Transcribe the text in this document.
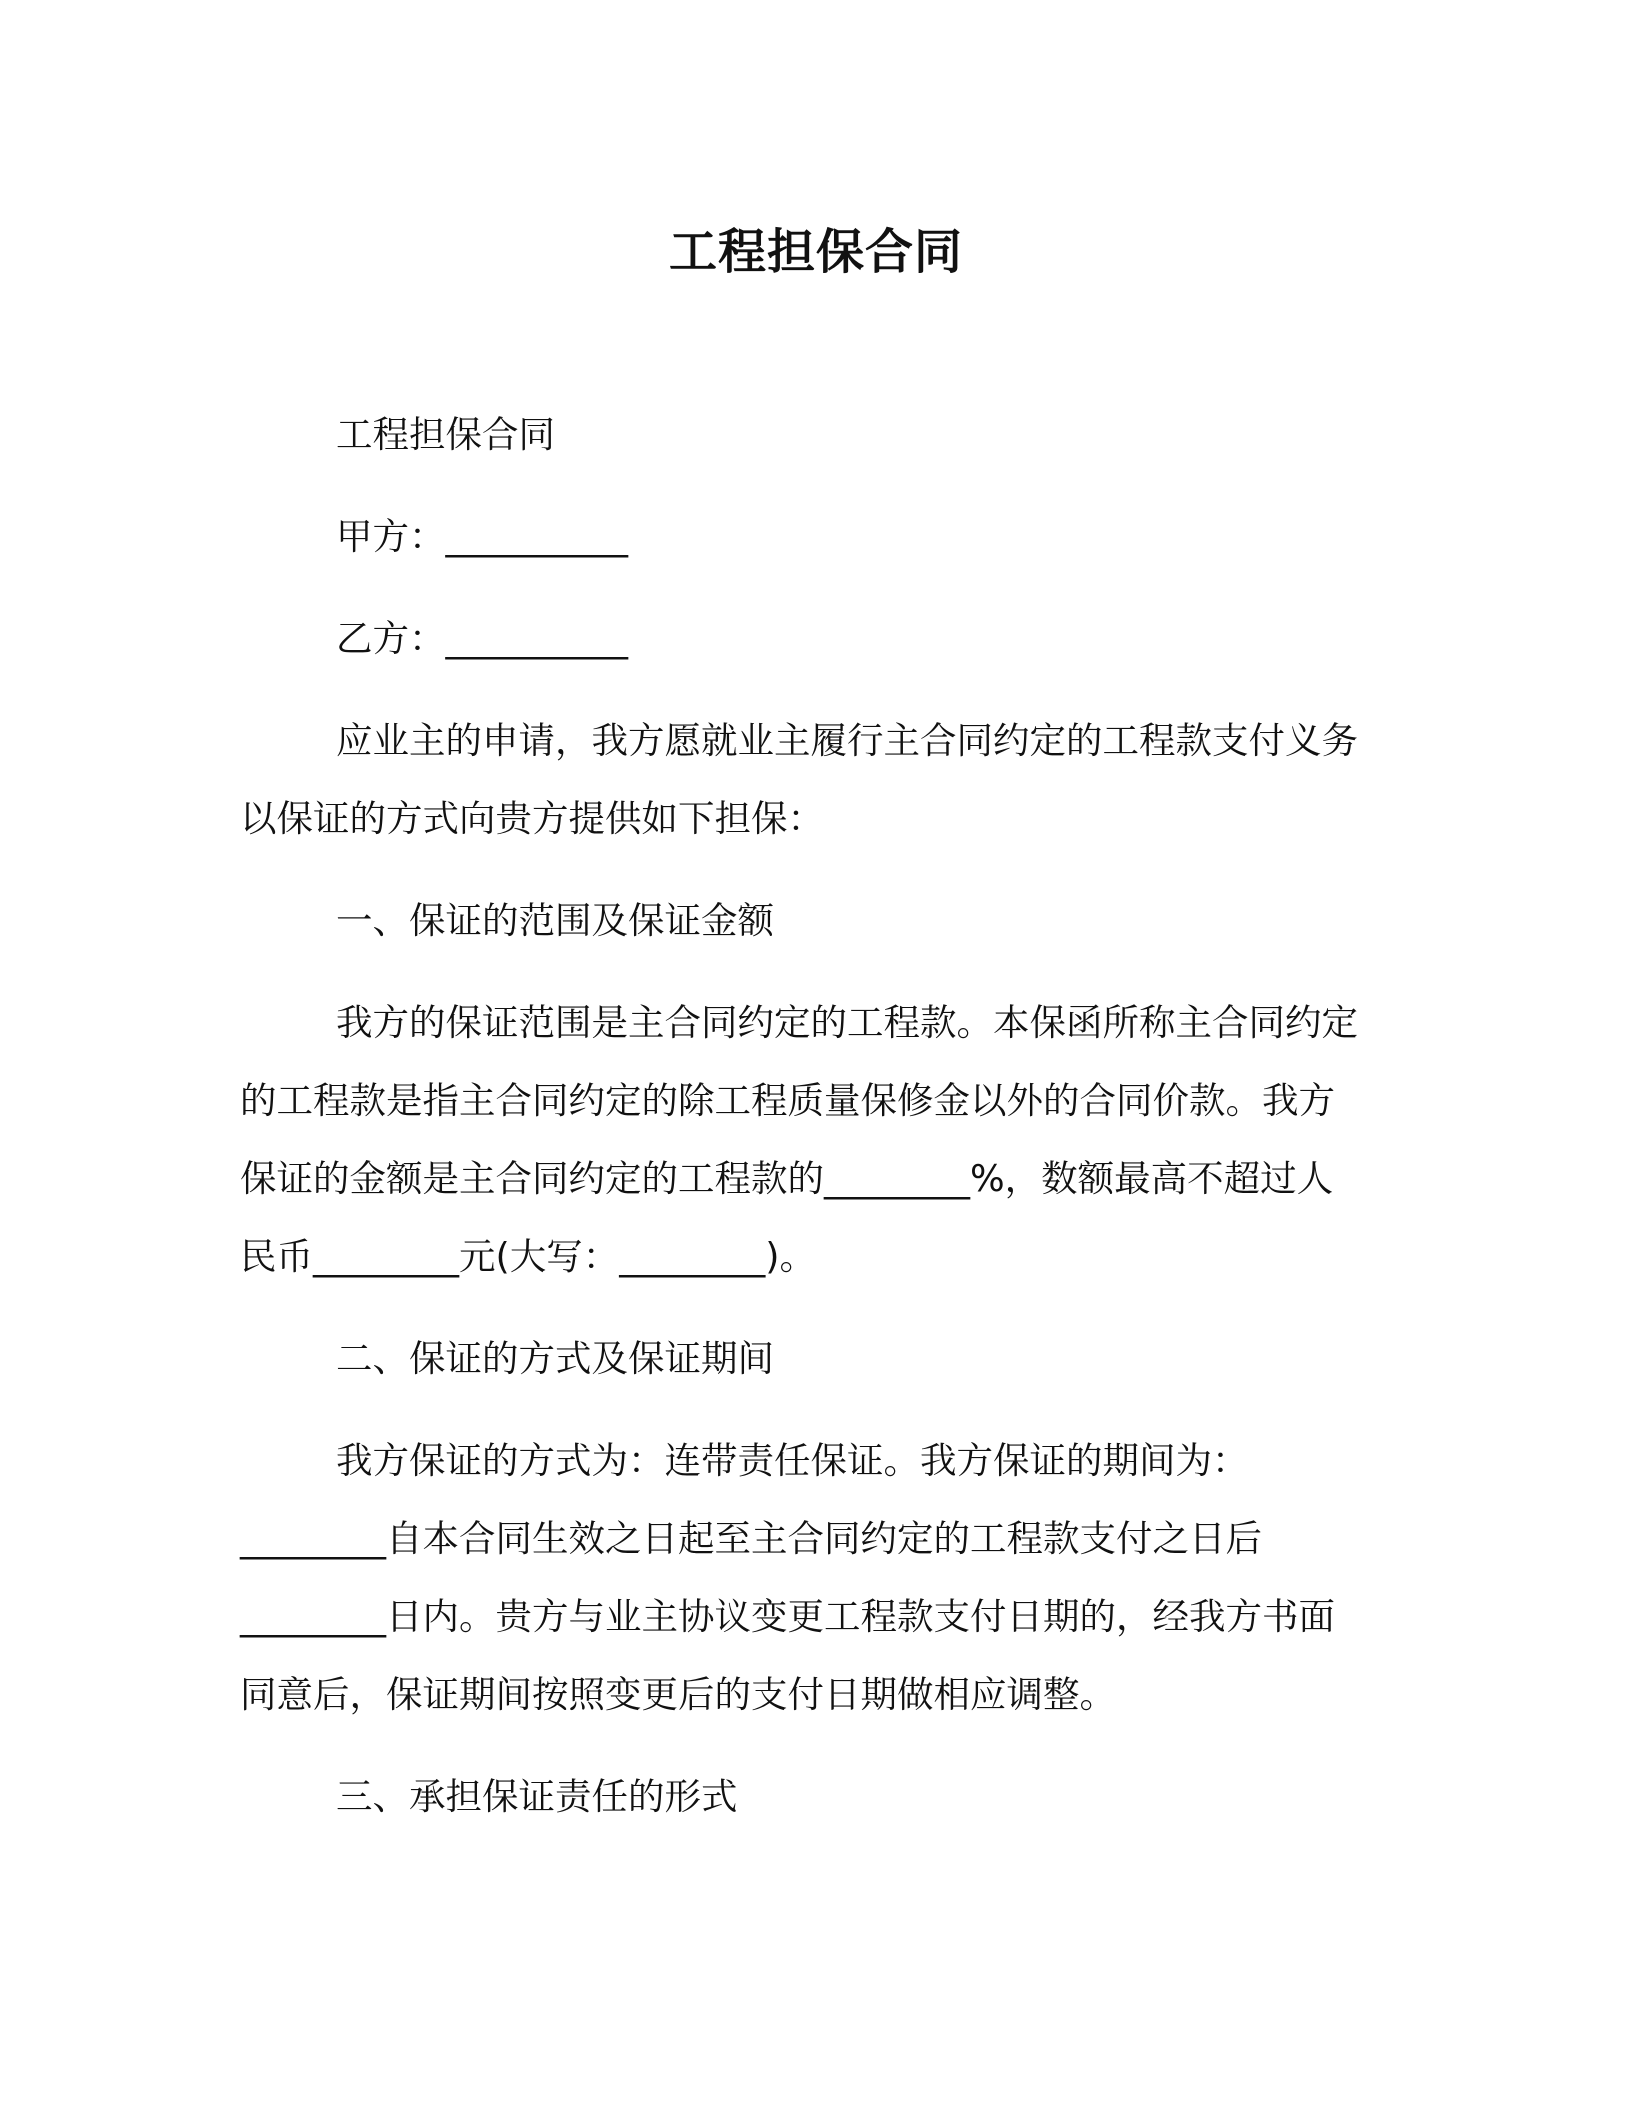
工程担保合同

工程担保合同

甲方：__________

乙方：__________

应业主的申请，我方愿就业主履行主合同约定的工程款支付义务

以保证的方式向贵方提供如下担保：

一、保证的范围及保证金额

我方的保证范围是主合同约定的工程款。本保函所称主合同约定

的工程款是指主合同约定的除工程质量保修金以外的合同价款。我方

保证的金额是主合同约定的工程款的________%，数额最高不超过人

民币________元(大写：________)。

二、保证的方式及保证期间

我方保证的方式为：连带责任保证。我方保证的期间为：

________自本合同生效之日起至主合同约定的工程款支付之日后

________日内。贵方与业主协议变更工程款支付日期的，经我方书面

同意后，保证期间按照变更后的支付日期做相应调整。

三、承担保证责任的形式
